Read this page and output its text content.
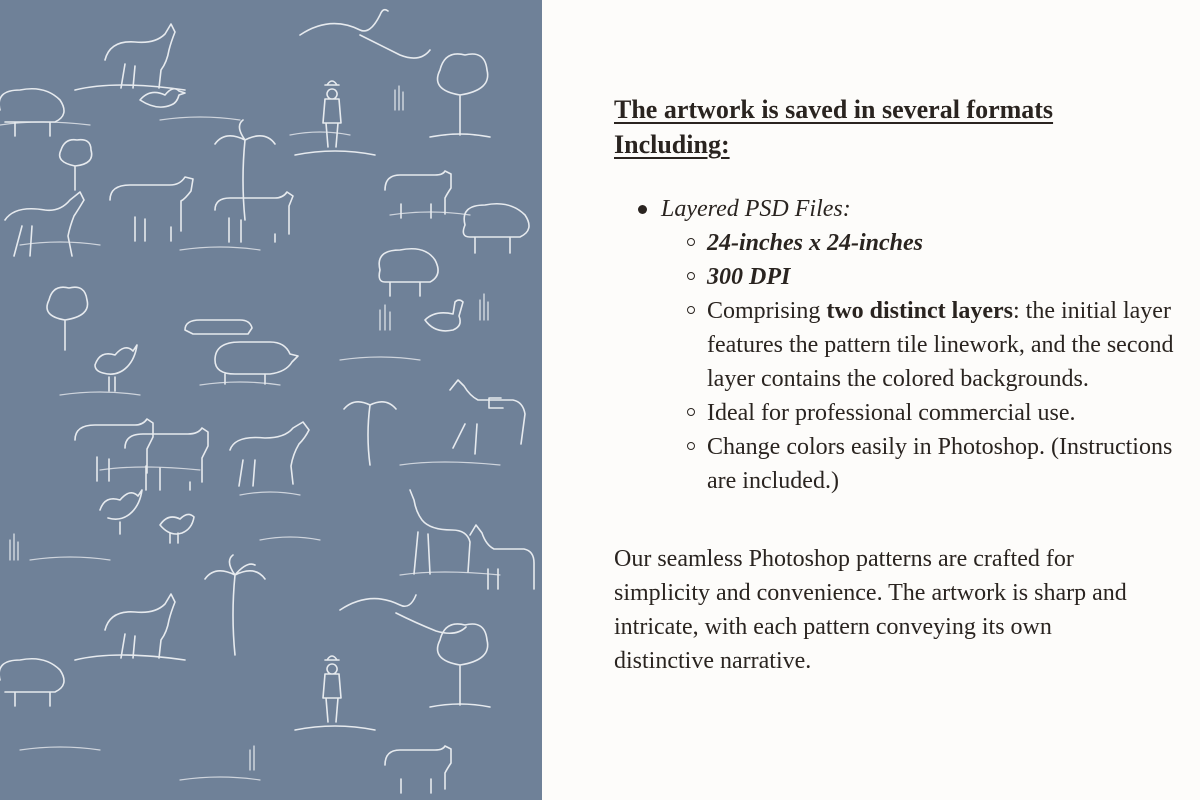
The artwork is saved in several formats
Including:

Layered PSD Files:
24-inches x 24-inches
300 DPI
Comprising two distinct layers: the initial layer features the pattern tile linework, and the second layer contains the colored backgrounds.
Ideal for professional commercial use.
Change colors easily in Photoshop. (Instructions are included.)

Our seamless Photoshop patterns are crafted for simplicity and convenience. The artwork is sharp and intricate, with each pattern conveying its own distinctive narrative.
